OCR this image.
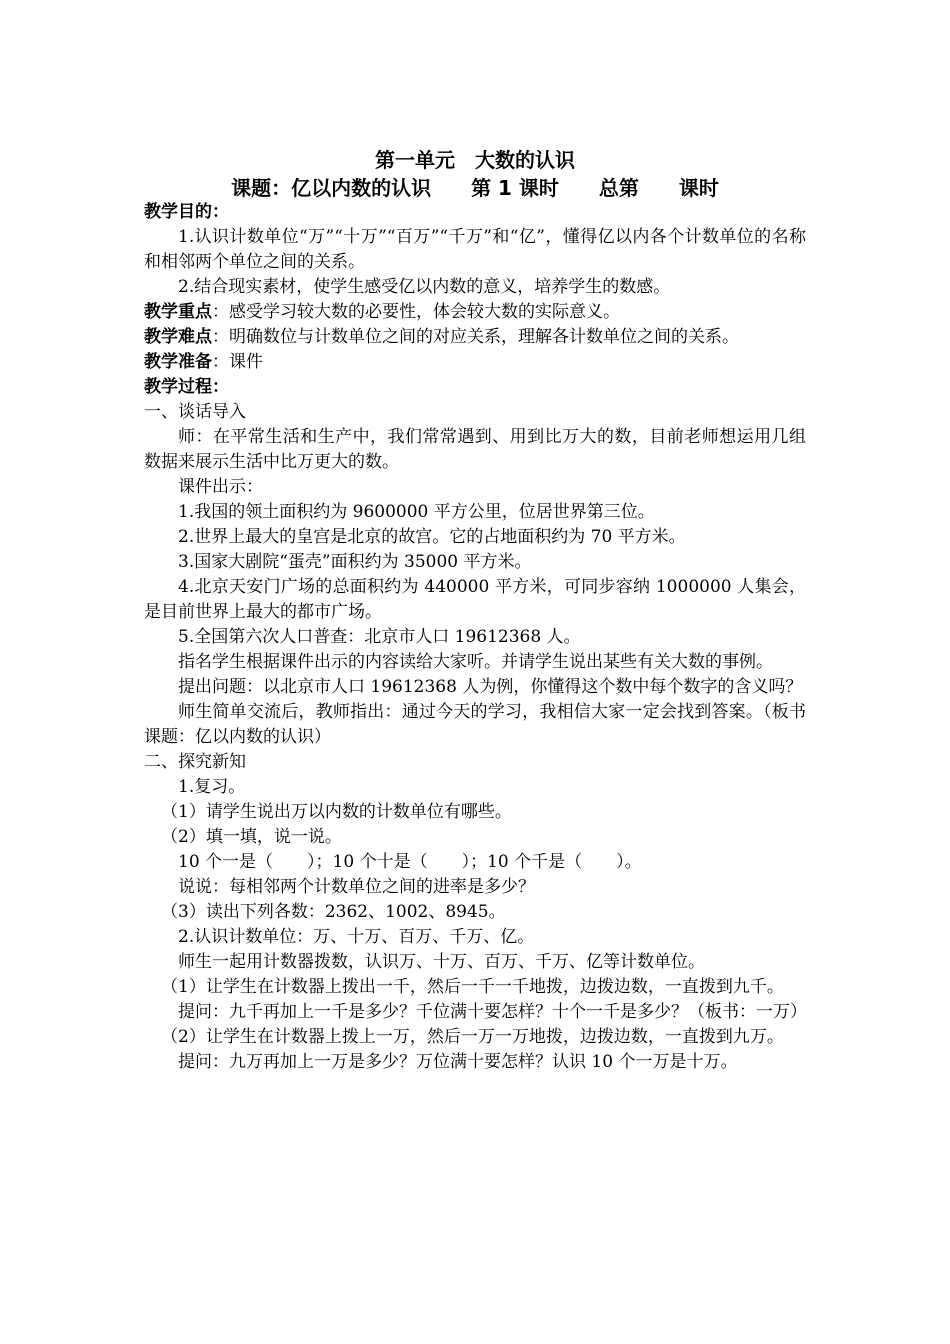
第一单元　大数的认识
课题：亿以内数的认识　　第 1 课时　　总第　　课时

教学目的：

1.认识计数单位“万”“十万”“百万”“千万”和“亿”，懂得亿以内各个计数单位的名称和相邻两个单位之间的关系。

2.结合现实素材，使学生感受亿以内数的意义，培养学生的数感。

教学重点：感受学习较大数的必要性，体会较大数的实际意义。

教学难点：明确数位与计数单位之间的对应关系，理解各计数单位之间的关系。

教学准备：课件

教学过程：

一、谈话导入

师：在平常生活和生产中，我们常常遇到、用到比万大的数，目前老师想运用几组数据来展示生活中比万更大的数。

课件出示：

1.我国的领土面积约为 9600000 平方公里，位居世界第三位。

2.世界上最大的皇宫是北京的故宫。它的占地面积约为 70 平方米。

3.国家大剧院“蛋壳”面积约为 35000 平方米。

4.北京天安门广场的总面积约为 440000 平方米，可同步容纳 1000000 人集会，是目前世界上最大的都市广场。

5.全国第六次人口普查：北京市人口 19612368 人。

指名学生根据课件出示的内容读给大家听。并请学生说出某些有关大数的事例。

提出问题：以北京市人口 19612368 人为例，你懂得这个数中每个数字的含义吗？

师生简单交流后，教师指出：通过今天的学习，我相信大家一定会找到答案。（板书课题：亿以内数的认识）

二、探究新知

1.复习。

（1）请学生说出万以内数的计数单位有哪些。

（2）填一填，说一说。

10 个一是（　　）；10 个十是（　　）；10 个千是（　　）。

说说：每相邻两个计数单位之间的进率是多少？

（3）读出下列各数：2362、1002、8945。

2.认识计数单位：万、十万、百万、千万、亿。

师生一起用计数器拨数，认识万、十万、百万、千万、亿等计数单位。

（1）让学生在计数器上拨出一千，然后一千一千地拨，边拨边数，一直拨到九千。

提问：九千再加上一千是多少？千位满十要怎样？十个一千是多少？（板书：一万）

（2）让学生在计数器上拨上一万，然后一万一万地拨，边拨边数，一直拨到九万。

提问：九万再加上一万是多少？万位满十要怎样？认识 10 个一万是十万。
